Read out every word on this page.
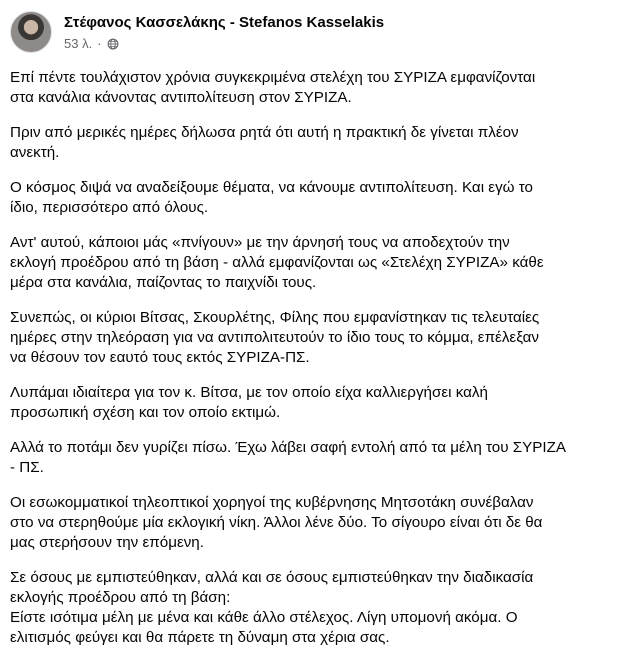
Στέφανος Κασσελάκης - Stefanos Kasselakis
53 λ. ·

Επί πέντε τουλάχιστον χρόνια συγκεκριμένα στελέχη του ΣΥΡΙΖΑ εμφανίζονται
στα κανάλια κάνοντας αντιπολίτευση στον ΣΥΡΙΖΑ.

Πριν από μερικές ημέρες δήλωσα ρητά ότι αυτή η πρακτική δε γίνεται πλέον
ανεκτή.

Ο κόσμος διψά να αναδείξουμε θέματα, να κάνουμε αντιπολίτευση. Και εγώ το
ίδιο, περισσότερο από όλους.

Αντ' αυτού, κάποιοι μάς «πνίγουν» με την άρνησή τους να αποδεχτούν την
εκλογή προέδρου από τη βάση - αλλά εμφανίζονται ως «Στελέχη ΣΥΡΙΖΑ» κάθε
μέρα στα κανάλια, παίζοντας το παιχνίδι τους.

Συνεπώς, οι κύριοι Βίτσας, Σκουρλέτης, Φίλης που εμφανίστηκαν τις τελευταίες
ημέρες στην τηλεόραση για να αντιπολιτευτούν το ίδιο τους το κόμμα, επέλεξαν
να θέσουν τον εαυτό τους εκτός ΣΥΡΙΖΑ-ΠΣ.

Λυπάμαι ιδιαίτερα για τον κ. Βίτσα, με τον οποίο είχα καλλιεργήσει καλή
προσωπική σχέση και τον οποίο εκτιμώ.

Αλλά το ποτάμι δεν γυρίζει πίσω. Έχω λάβει σαφή εντολή από τα μέλη του ΣΥΡΙΖΑ
- ΠΣ.

Οι εσωκομματικοί τηλεοπτικοί χορηγοί της κυβέρνησης Μητσοτάκη συνέβαλαν
στο να στερηθούμε μία εκλογική νίκη. Άλλοι λένε δύο. Το σίγουρο είναι ότι δε θα
μας στερήσουν την επόμενη.

Σε όσους με εμπιστεύθηκαν, αλλά και σε όσους εμπιστεύθηκαν την διαδικασία
εκλογής προέδρου από τη βάση:
Είστε ισότιμα μέλη με μένα και κάθε άλλο στέλεχος. Λίγη υπομονή ακόμα. Ο
ελιτισμός φεύγει και θα πάρετε τη δύναμη στα χέρια σας.
